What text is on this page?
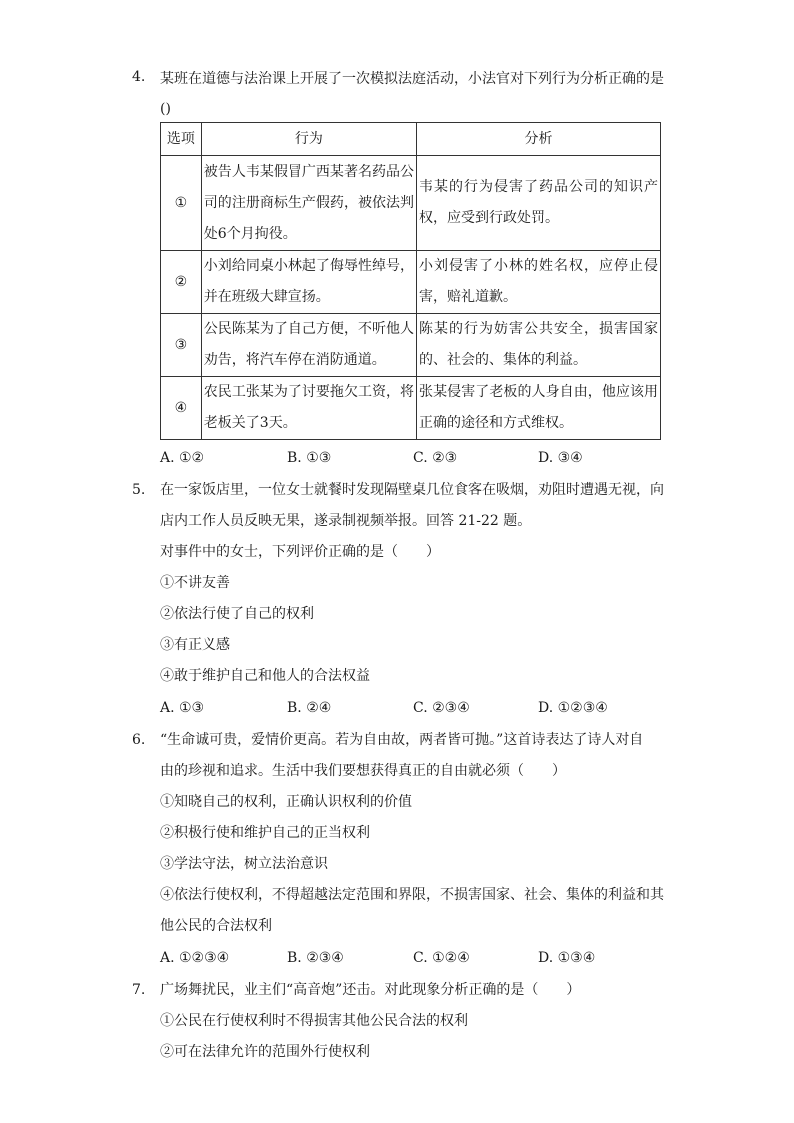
4.	某班在道德与法治课上开展了一次模拟法庭活动，小法官对下列行为分析正确的是
()
选项	行为	分析
①	被告人韦某假冒广西某著名药品公司的注册商标生产假药，被依法判处6个月拘役。	韦某的行为侵害了药品公司的知识产权，应受到行政处罚。

②	小刘给同桌小林起了侮辱性绰号，并在班级大肆宣扬。	小刘侵害了小林的姓名权，应停止侵害，赔礼道歉。

③	公民陈某为了自己方便，不听他人劝告，将汽车停在消防通道。	陈某的行为妨害公共安全，损害国家的、社会的、集体的利益。

④	农民工张某为了讨要拖欠工资，将老板关了3天。	张某侵害了老板的人身自由，他应该用正确的途径和方式维权。
A. ①②	B. ①③	C. ②③	D. ③④
5. 在一家饭店里，一位女士就餐时发现隔壁桌几位食客在吸烟，劝阻时遭遇无视，向
店内工作人员反映无果，遂录制视频举报。回答 21-22 题。
对事件中的女士，下列评价正确的是（　　）
①不讲友善
②依法行使了自己的权利
③有正义感
④敢于维护自己和他人的合法权益
A. ①③	B. ②④	C. ②③④	D. ①②③④
6. “生命诚可贵，爱情价更高。若为自由故，两者皆可抛。”这首诗表达了诗人对自
由的珍视和追求。生活中我们要想获得真正的自由就必须（　　）
①知晓自己的权利，正确认识权利的价值
②积极行使和维护自己的正当权利
③学法守法，树立法治意识
④依法行使权利，不得超越法定范围和界限，不损害国家、社会、集体的利益和其
他公民的合法权利
A. ①②③④	B. ②③④	C. ①②④	D. ①③④
7. 广场舞扰民，业主们“高音炮”还击。对此现象分析正确的是（　　）
①公民在行使权利时不得损害其他公民合法的权利
②可在法律允许的范围外行使权利
